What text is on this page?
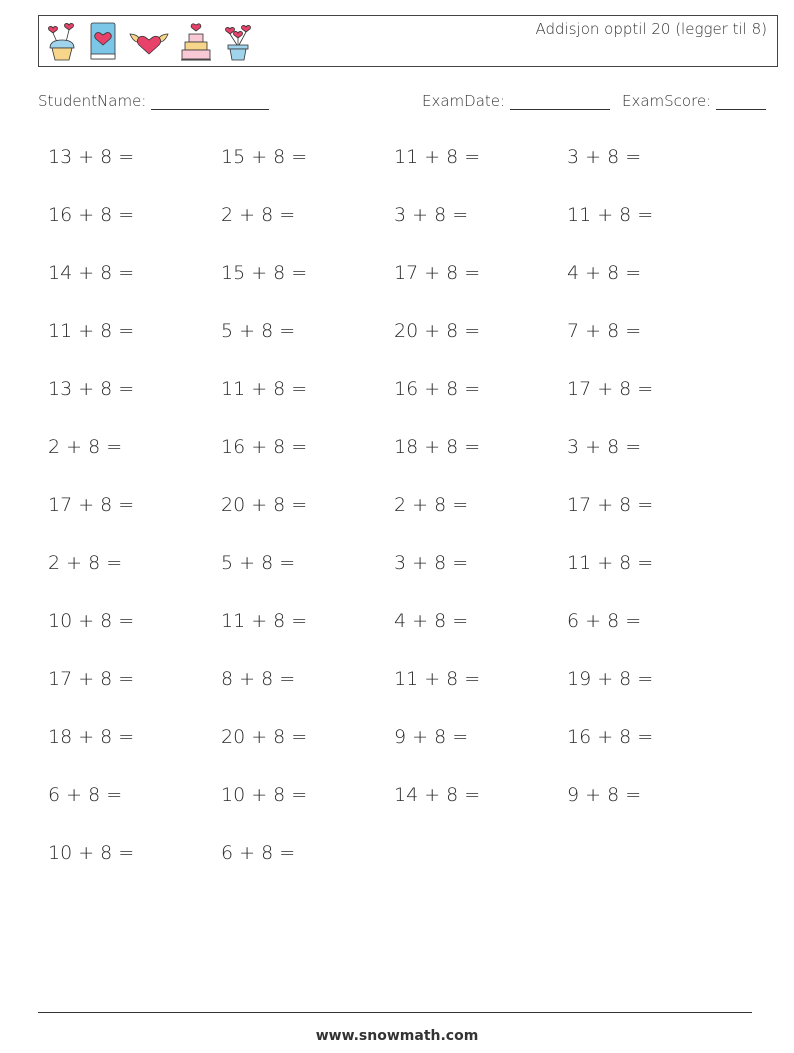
Addisjon opptil 20 (legger til 8)
StudentName:	ExamDate:	ExamScore:
13 + 8 =	15 + 8 =	11 + 8 =	3 + 8 =
16 + 8 =	2 + 8 =	3 + 8 =	11 + 8 =
14 + 8 =	15 + 8 =	17 + 8 =	4 + 8 =
11 + 8 =	5 + 8 =	20 + 8 =	7 + 8 =
13 + 8 =	11 + 8 =	16 + 8 =	17 + 8 =
2 + 8 =	16 + 8 =	18 + 8 =	3 + 8 =
17 + 8 =	20 + 8 =	2 + 8 =	17 + 8 =
2 + 8 =	5 + 8 =	3 + 8 =	11 + 8 =
10 + 8 =	11 + 8 =	4 + 8 =	6 + 8 =
17 + 8 =	8 + 8 =	11 + 8 =	19 + 8 =
18 + 8 =	20 + 8 =	9 + 8 =	16 + 8 =
6 + 8 =	10 + 8 =	14 + 8 =	9 + 8 =
10 + 8 =	6 + 8 =
www.snowmath.com
